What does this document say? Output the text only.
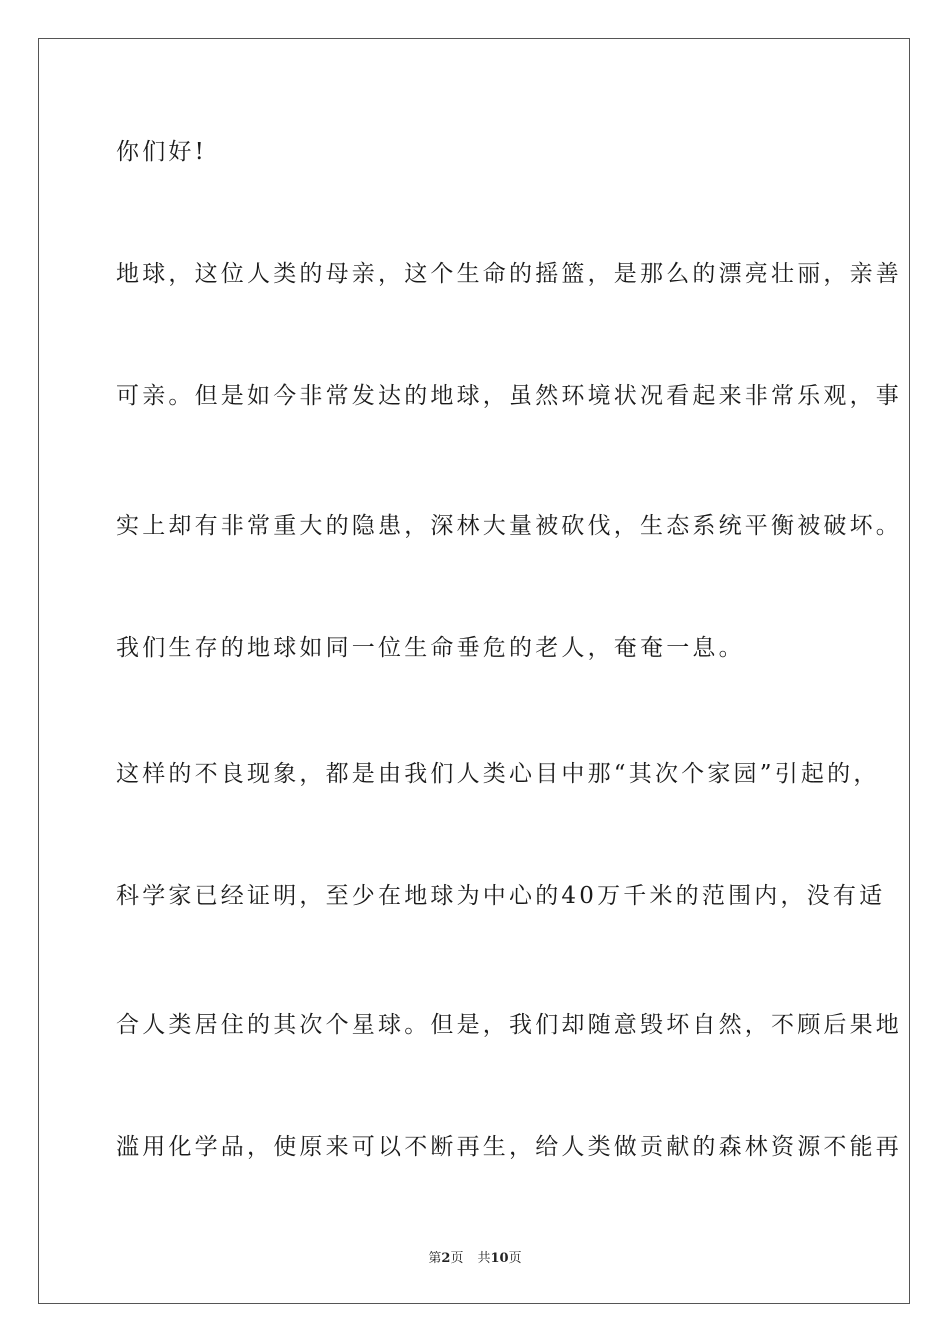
你们好!
地球，这位人类的母亲，这个生命的摇篮，是那么的漂亮壮丽，亲善
可亲。但是如今非常发达的地球，虽然环境状况看起来非常乐观，事
实上却有非常重大的隐患，深林大量被砍伐，生态系统平衡被破坏。
我们生存的地球如同一位生命垂危的老人，奄奄一息。
这样的不良现象，都是由我们人类心目中那“其次个家园”引起的，
科学家已经证明，至少在地球为中心的40万千米的范围内，没有适
合人类居住的其次个星球。但是，我们却随意毁坏自然，不顾后果地
滥用化学品，使原来可以不断再生，给人类做贡献的森林资源不能再
第2页 共10页
